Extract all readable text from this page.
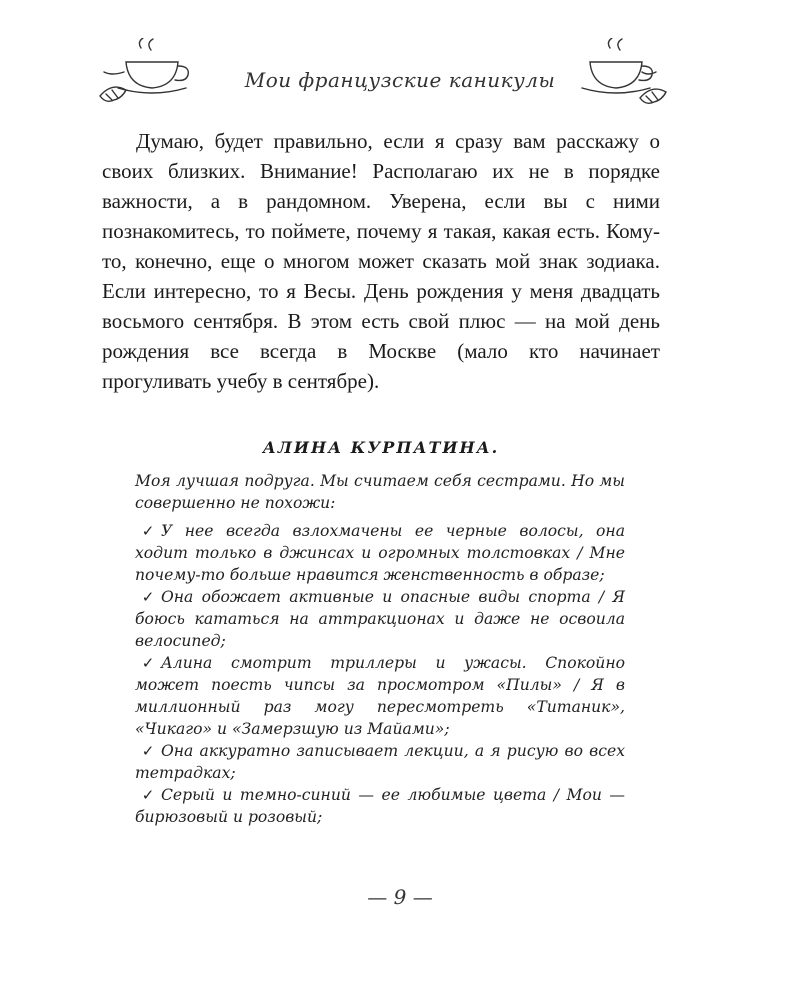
Мои французские каникулы

Думаю, будет правильно, если я сразу вам расскажу о своих близких. Внимание! Располагаю их не в порядке важности, а в рандомном. Уверена, если вы с ними познакомитесь, то поймете, почему я такая, какая есть. Кому-то, конечно, еще о многом может сказать мой знак зодиака. Если интересно, то я Весы. День рождения у меня двадцать восьмого сентября. В этом есть свой плюс — на мой день рождения все всегда в Москве (мало кто начинает прогуливать учебу в сентябре).

АЛИНА КУРПАТИНА.

Моя лучшая подруга. Мы считаем себя сестрами. Но мы совершенно не похожи:

✓ У нее всегда взлохмачены ее черные волосы, она ходит только в джинсах и огромных толстовках / Мне почему-то больше нравится женственность в образе;
✓ Она обожает активные и опасные виды спорта / Я боюсь кататься на аттракционах и даже не освоила велосипед;
✓ Алина смотрит триллеры и ужасы. Спокойно может поесть чипсы за просмотром «Пилы» / Я в миллионный раз могу пересмотреть «Титаник», «Чикаго» и «Замерзшую из Майами»;
✓ Она аккуратно записывает лекции, а я рисую во всех тетрадках;
✓ Серый и темно-синий — ее любимые цвета / Мои — бирюзовый и розовый;
— 9 —
